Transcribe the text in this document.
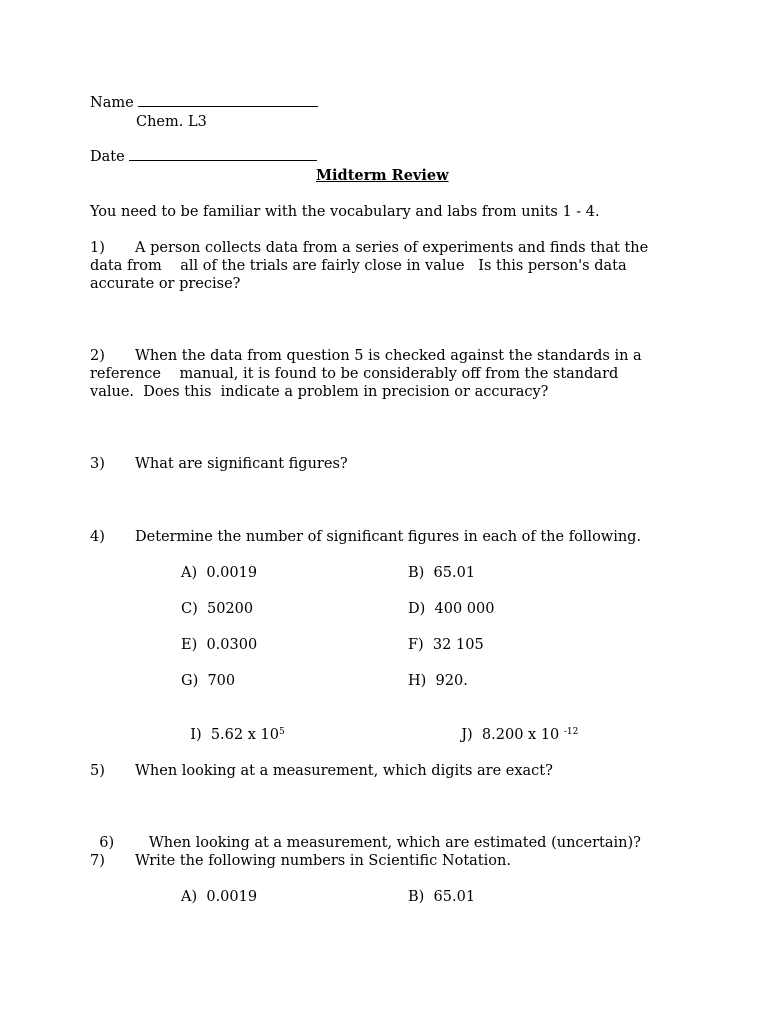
Name
Chem. L3
Date
Midterm Review
You need to be familiar with the vocabulary and labs from units 1 - 4.
1) A person collects data from a series of experiments and finds that the
data from    all of the trials are fairly close in value   Is this person's data
accurate or precise?
2) When the data from question 5 is checked against the standards in a
reference    manual, it is found to be considerably off from the standard
value.  Does this  indicate a problem in precision or accuracy?
3) What are significant figures?
4) Determine the number of significant figures in each of the following.
A)  0.0019	B)  65.01
C)  50200	D)  400 000
E)  0.0300	F)  32 105
G)  700	H)  920.

I)  5.62 x $10^5$	J)  8.200 x 10 $^{-12}$

5) When looking at a measurement, which digits are exact?

6) When looking at a measurement, which are estimated (uncertain)?

7) Write the following numbers in Scientific Notation.
A)  0.0019	B)  65.01
